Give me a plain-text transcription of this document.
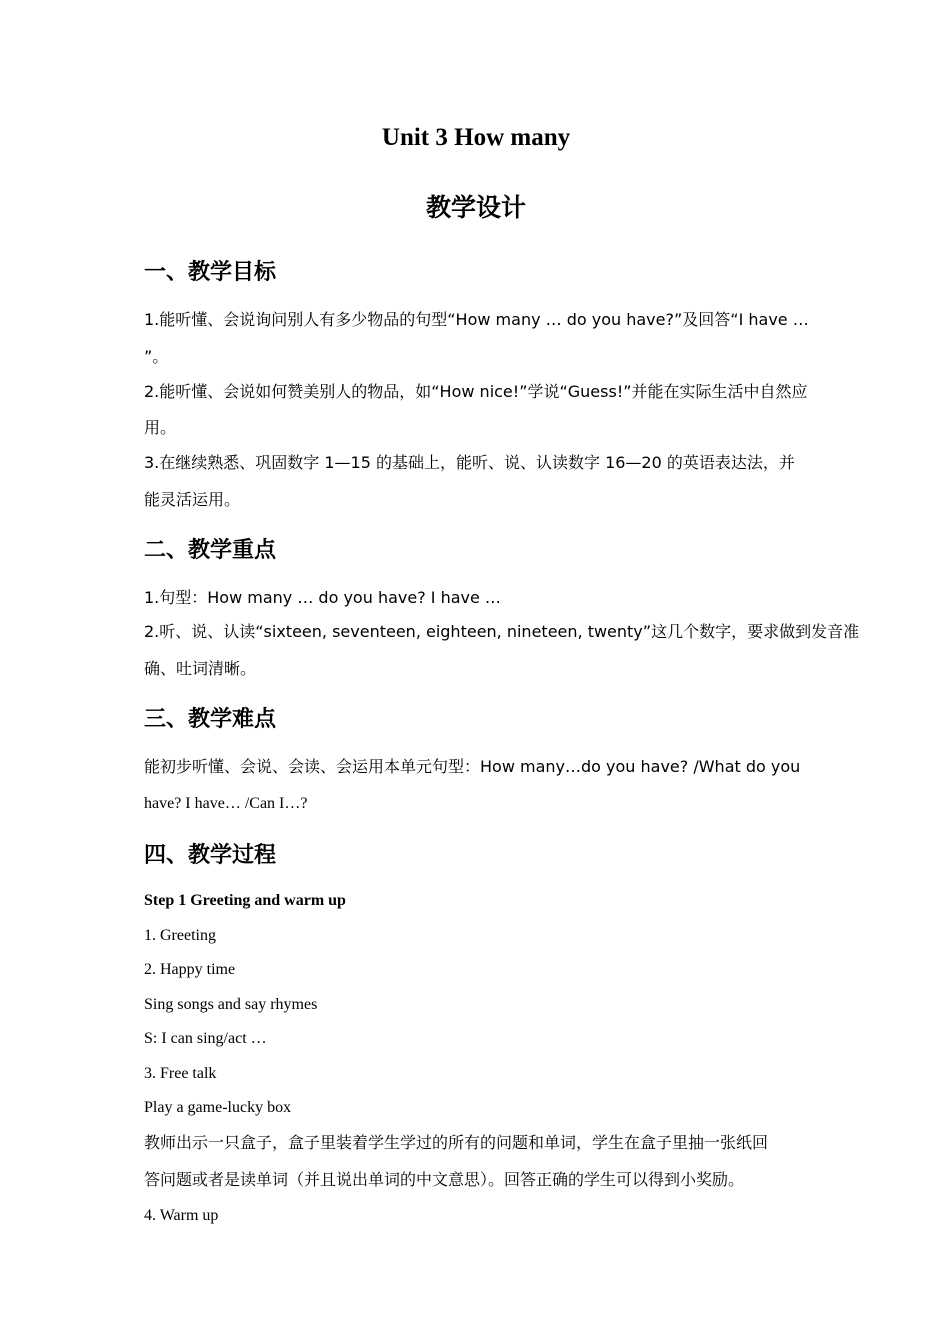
Unit 3 How many
教学设计
一、教学目标
1.能听懂、会说询问别人有多少物品的句型“How many … do you have?”及回答“I have …
”。
2.能听懂、会说如何赞美别人的物品，如“How nice!”学说“Guess!”并能在实际生活中自然应
用。
3.在继续熟悉、巩固数字 1—15 的基础上，能听、说、认读数字 16—20 的英语表达法，并
能灵活运用。
二、教学重点
1.句型：How many … do you have? I have …
2.听、说、认读“sixteen, seventeen, eighteen, nineteen, twenty”这几个数字，要求做到发音准
确、吐词清晰。
三、教学难点
能初步听懂、会说、会读、会运用本单元句型：How many…do you have? /What do you
have? I have… /Can I…?
四、教学过程
Step 1 Greeting and warm up
1. Greeting
2. Happy time
Sing songs and say rhymes
S: I can sing/act …
3. Free talk
Play a game-lucky box
教师出示一只盒子，盒子里装着学生学过的所有的问题和单词，学生在盒子里抽一张纸回
答问题或者是读单词（并且说出单词的中文意思）。回答正确的学生可以得到小奖励。
4. Warm up
